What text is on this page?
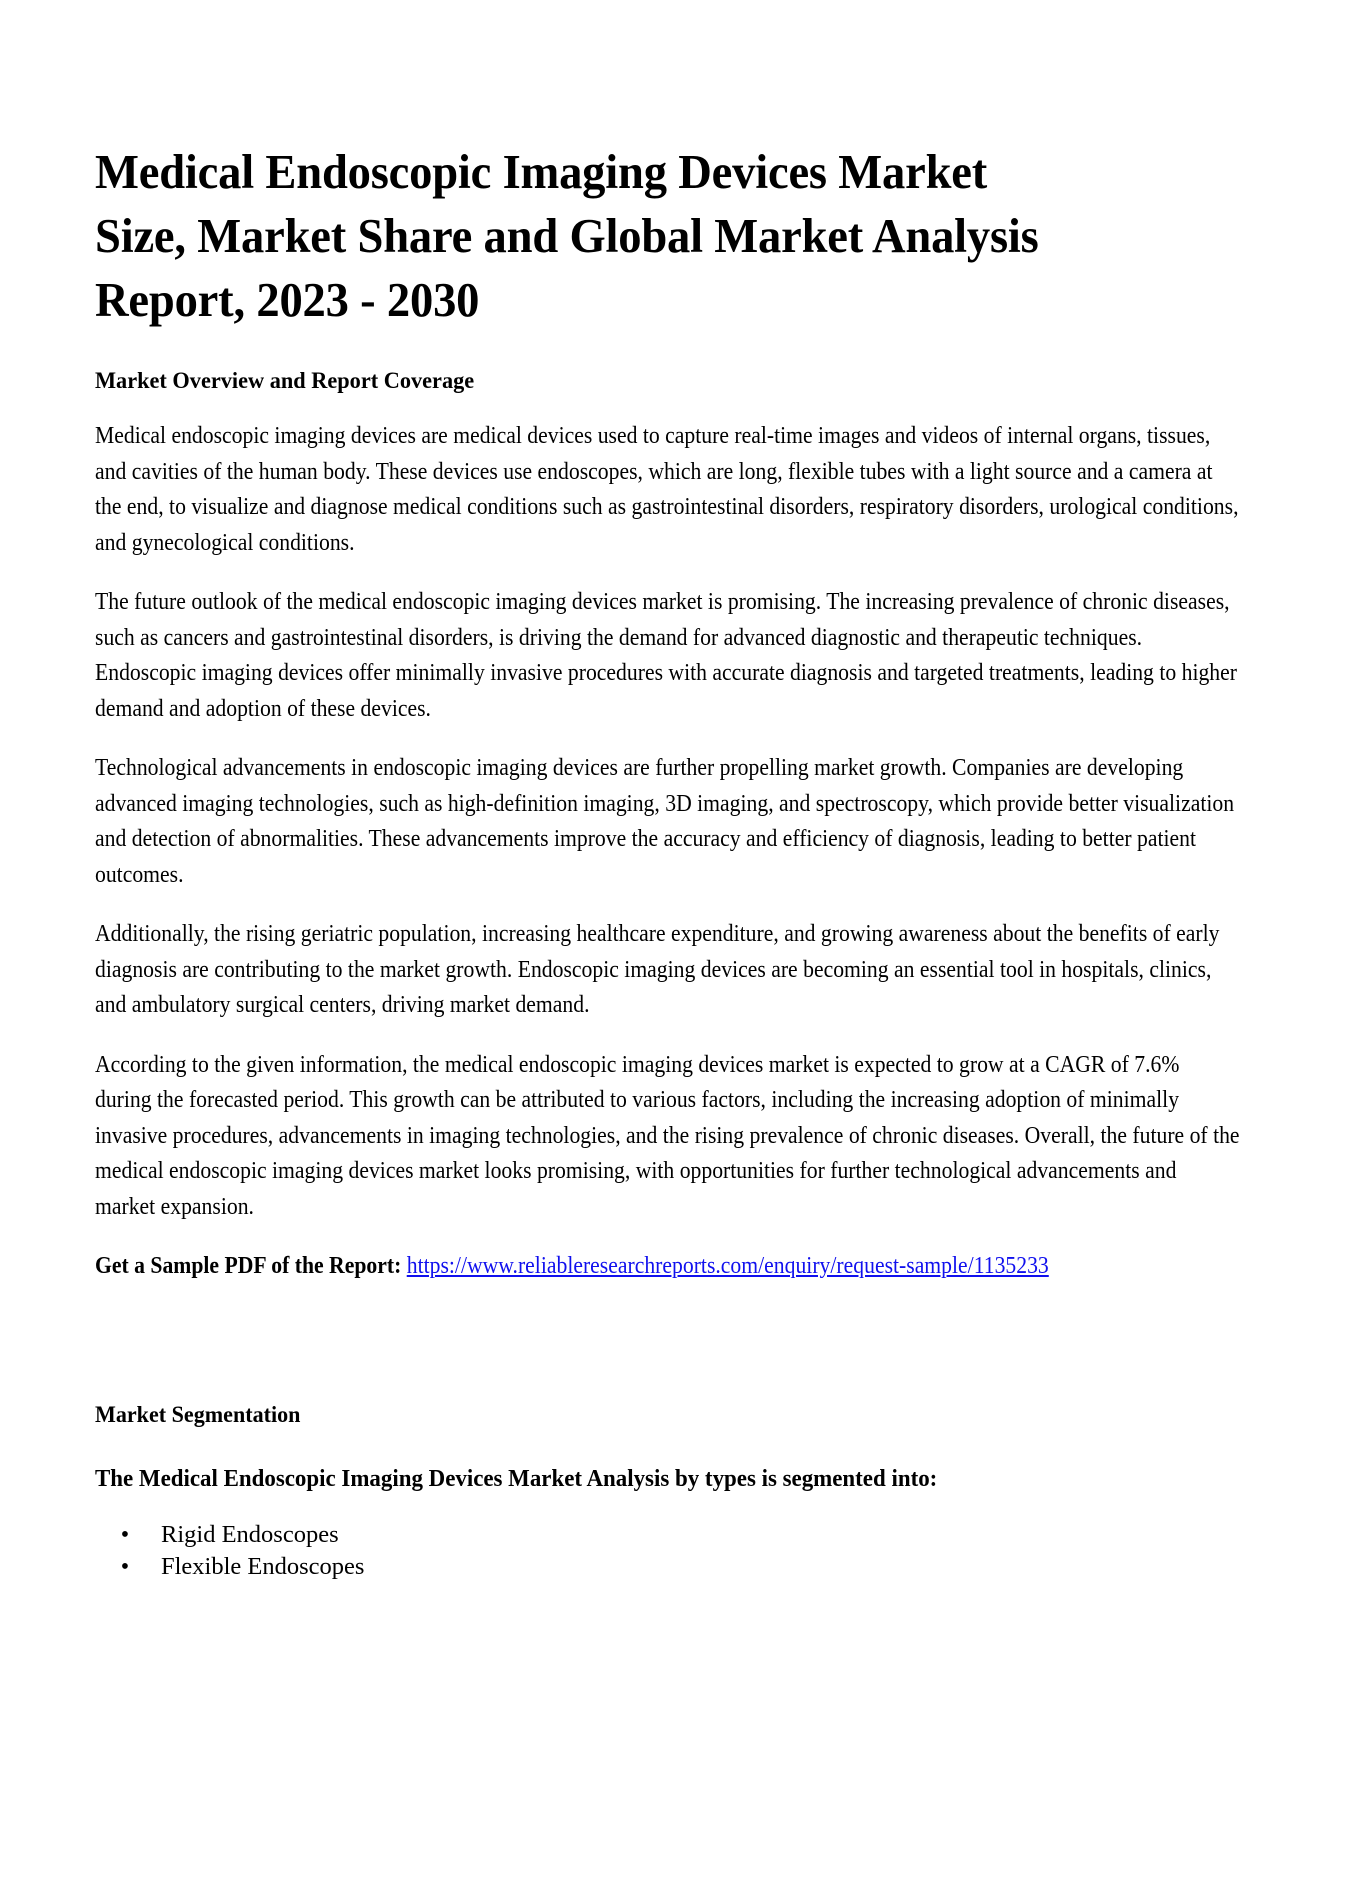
Medical Endoscopic Imaging Devices Market Size, Market Share and Global Market Analysis Report, 2023 - 2030
Market Overview and Report Coverage

Medical endoscopic imaging devices are medical devices used to capture real-time images and videos of internal organs, tissues, and cavities of the human body. These devices use endoscopes, which are long, flexible tubes with a light source and a camera at the end, to visualize and diagnose medical conditions such as gastrointestinal disorders, respiratory disorders, urological conditions, and gynecological conditions.

The future outlook of the medical endoscopic imaging devices market is promising. The increasing prevalence of chronic diseases, such as cancers and gastrointestinal disorders, is driving the demand for advanced diagnostic and therapeutic techniques. Endoscopic imaging devices offer minimally invasive procedures with accurate diagnosis and targeted treatments, leading to higher demand and adoption of these devices.

Technological advancements in endoscopic imaging devices are further propelling market growth. Companies are developing advanced imaging technologies, such as high-definition imaging, 3D imaging, and spectroscopy, which provide better visualization and detection of abnormalities. These advancements improve the accuracy and efficiency of diagnosis, leading to better patient outcomes.

Additionally, the rising geriatric population, increasing healthcare expenditure, and growing awareness about the benefits of early diagnosis are contributing to the market growth. Endoscopic imaging devices are becoming an essential tool in hospitals, clinics, and ambulatory surgical centers, driving market demand.

According to the given information, the medical endoscopic imaging devices market is expected to grow at a CAGR of 7.6% during the forecasted period. This growth can be attributed to various factors, including the increasing adoption of minimally invasive procedures, advancements in imaging technologies, and the rising prevalence of chronic diseases. Overall, the future of the medical endoscopic imaging devices market looks promising, with opportunities for further technological advancements and market expansion.

Get a Sample PDF of the Report: https://www.reliableresearchreports.com/enquiry/request-sample/1135233

Market Segmentation
The Medical Endoscopic Imaging Devices Market Analysis by types is segmented into:
• Rigid Endoscopes
• Flexible Endoscopes
